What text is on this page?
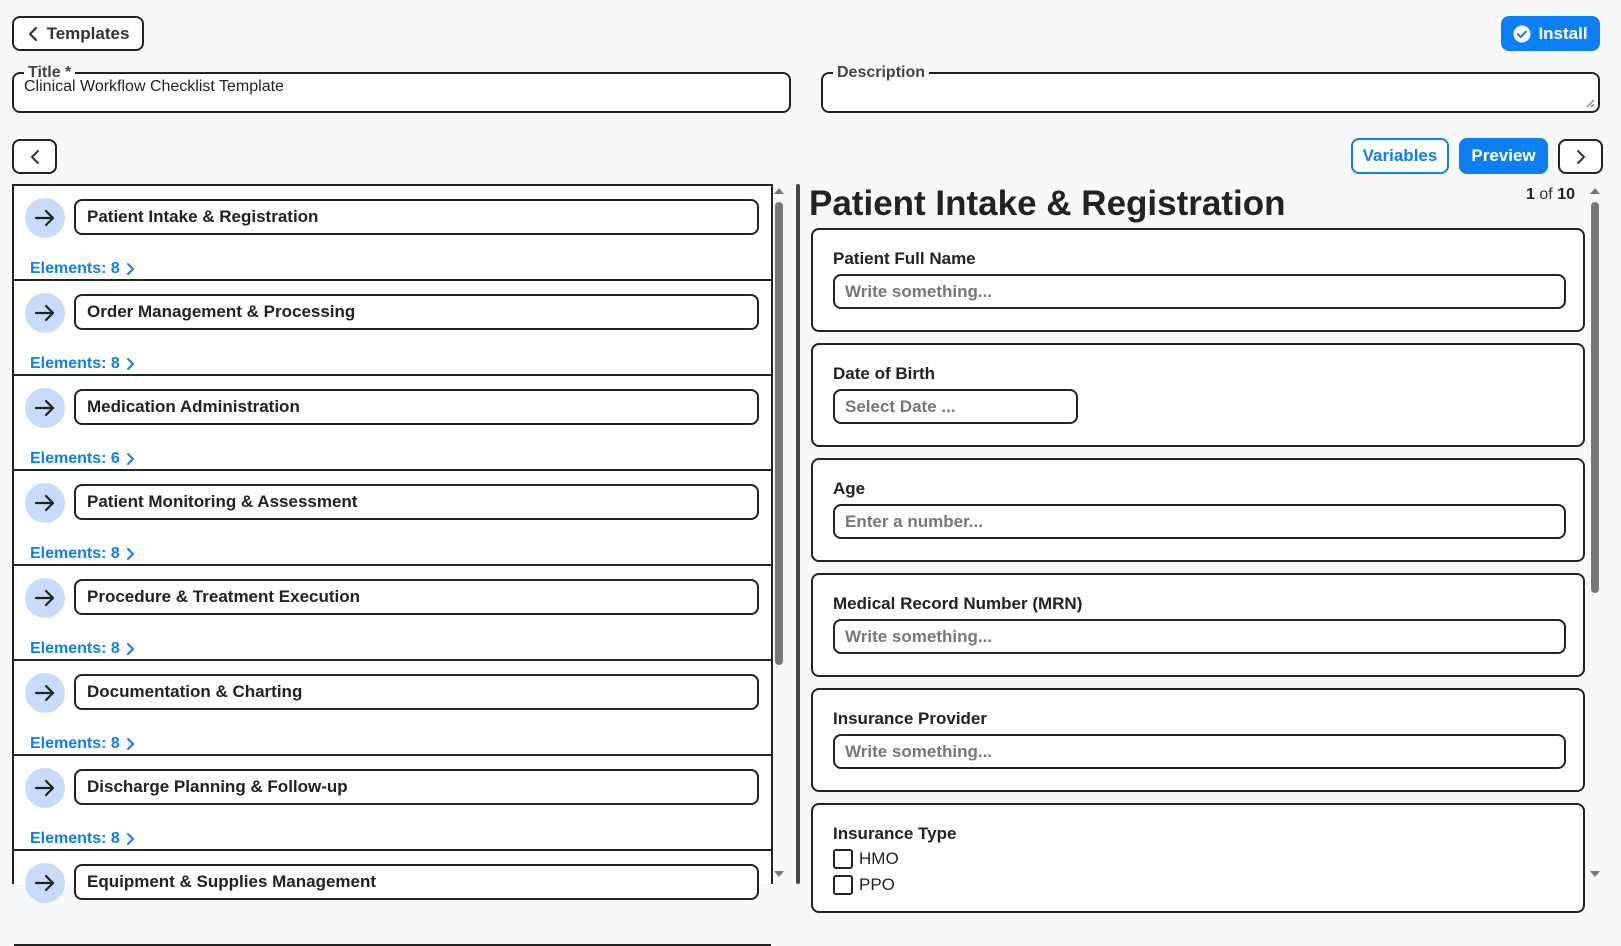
Templates	Install
Title *
Clinical Workflow Checklist Template
Description
Variables Preview
Patient Intake & Registration
Elements: 8
Order Management & Processing
Elements: 8
Medication Administration
Elements: 6
Patient Monitoring & Assessment
Elements: 8
Procedure & Treatment Execution
Elements: 8
Documentation & Charting
Elements: 8
Discharge Planning & Follow-up
Elements: 8
Equipment & Supplies Management
Patient Intake & Registration	1 of 10
Patient Full Name
Write something...
Date of Birth
Select Date ...
Age
Enter a number...
Medical Record Number (MRN)
Write something...
Insurance Provider
Write something...
Insurance Type
HMO
PPO
